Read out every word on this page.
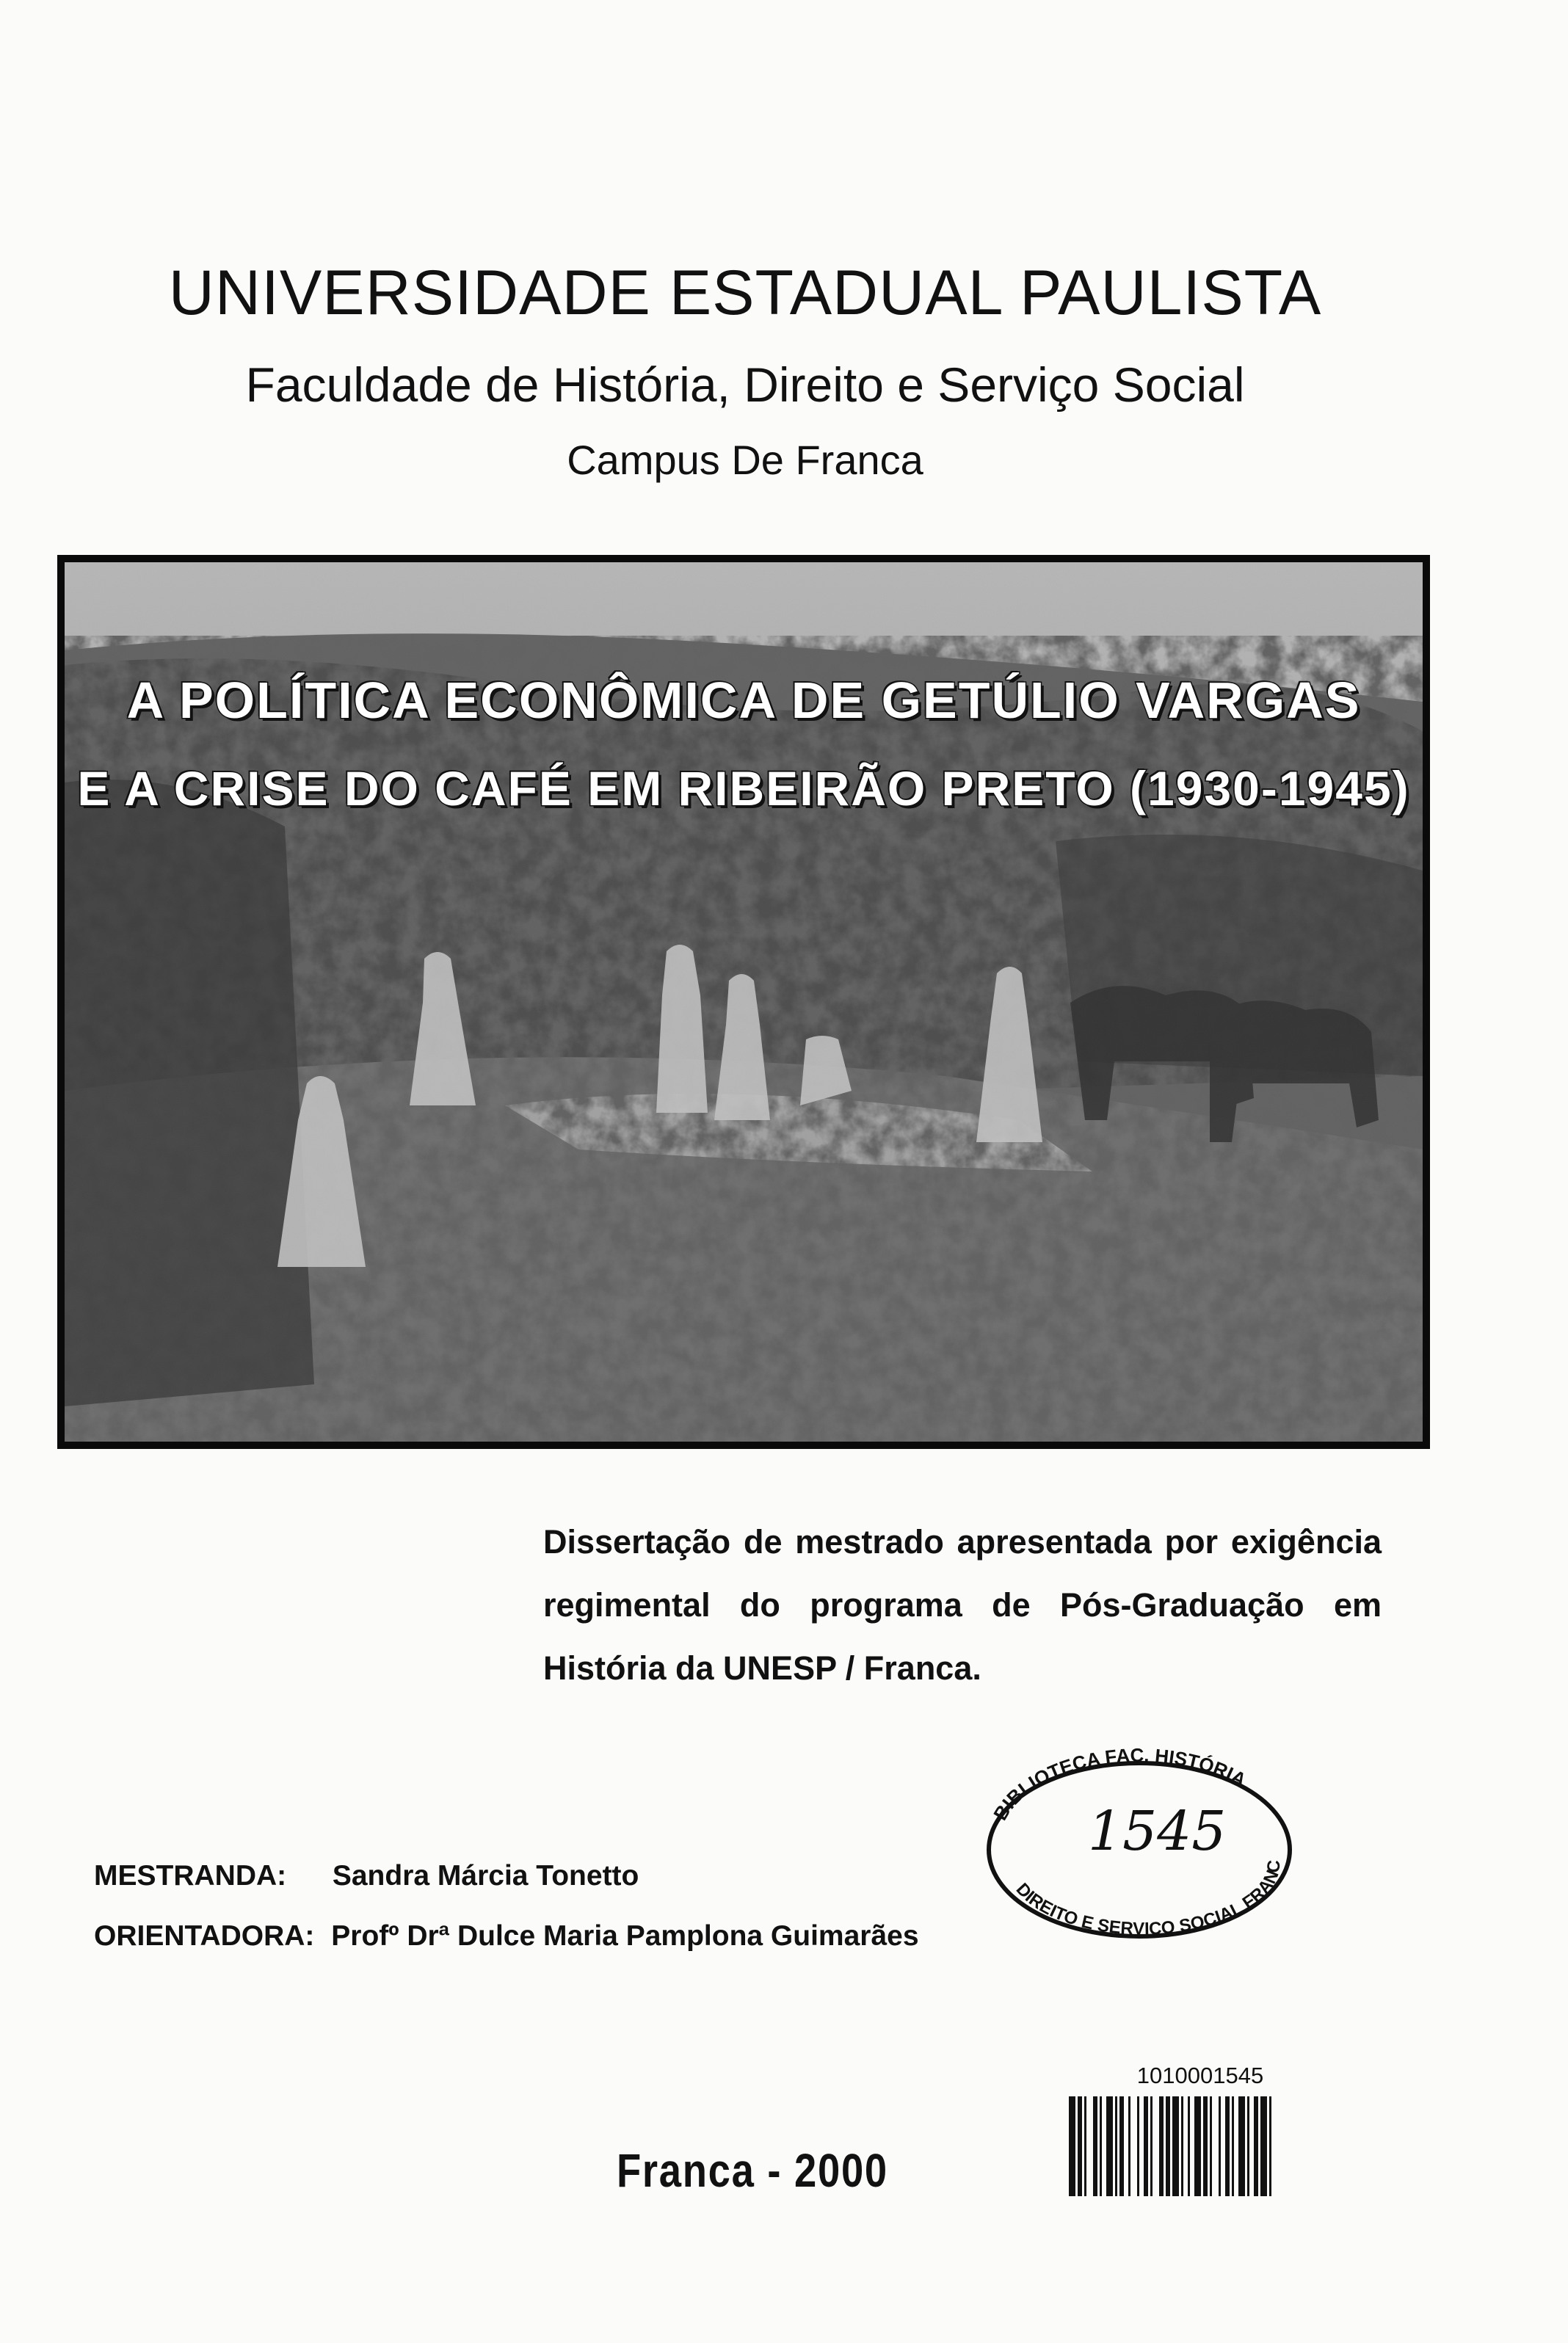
UNIVERSIDADE ESTADUAL PAULISTA
Faculdade de História, Direito e Serviço Social
Campus De Franca
A POLÍTICA ECONÔMICA DE GETÚLIO VARGAS
E A CRISE DO CAFÉ EM RIBEIRÃO PRETO (1930-1945)
Dissertação de mestrado apresentada por exigência regimental do programa de Pós-Graduação em História da UNESP / Franca.
BIBLIOTECA FAC. HISTÓRIA
DIREITO E SERVIÇO SOCIAL FRANC
1545
MESTRANDA: Sandra Márcia Tonetto
ORIENTADORA: Profº Drª Dulce Maria Pamplona Guimarães
1010001545
Franca - 2000
